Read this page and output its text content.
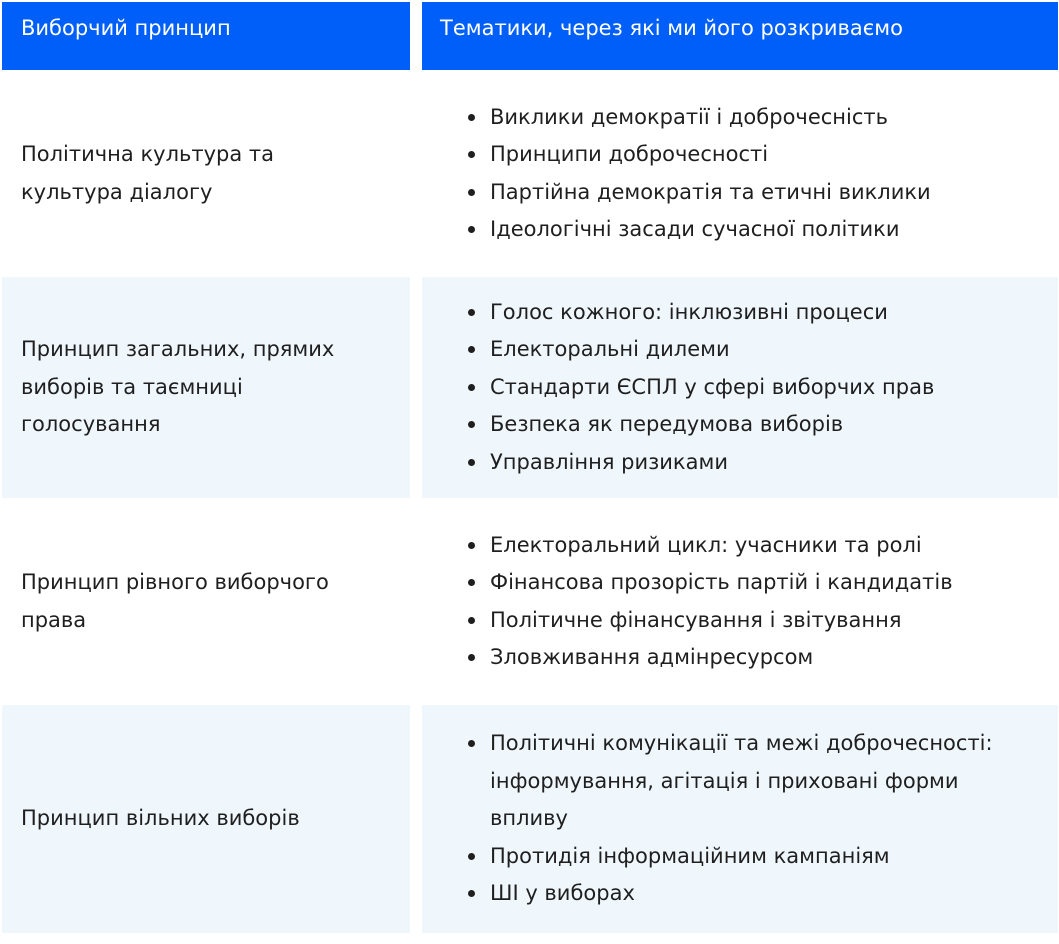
Виборчий принцип	Тематики, через які ми його розкриваємо
Політична культура та культура діалогу
Виклики демократії і доброчесність
Принципи доброчесності
Партійна демократія та етичні виклики
Ідеологічні засади сучасної політики
Принцип загальних, прямих виборів та таємниці голосування
Голос кожного: інклюзивні процеси
Електоральні дилеми
Стандарти ЄСПЛ у сфері виборчих прав
Безпека як передумова виборів
Управління ризиками
Принцип рівного виборчого права
Електоральний цикл: учасники та ролі
Фінансова прозорість партій і кандидатів
Політичне фінансування і звітування
Зловживання адмінресурсом
Принцип вільних виборів
Політичні комунікації та межі доброчесності: інформування, агітація і приховані форми впливу
Протидія інформаційним кампаніям
ШІ у виборах
